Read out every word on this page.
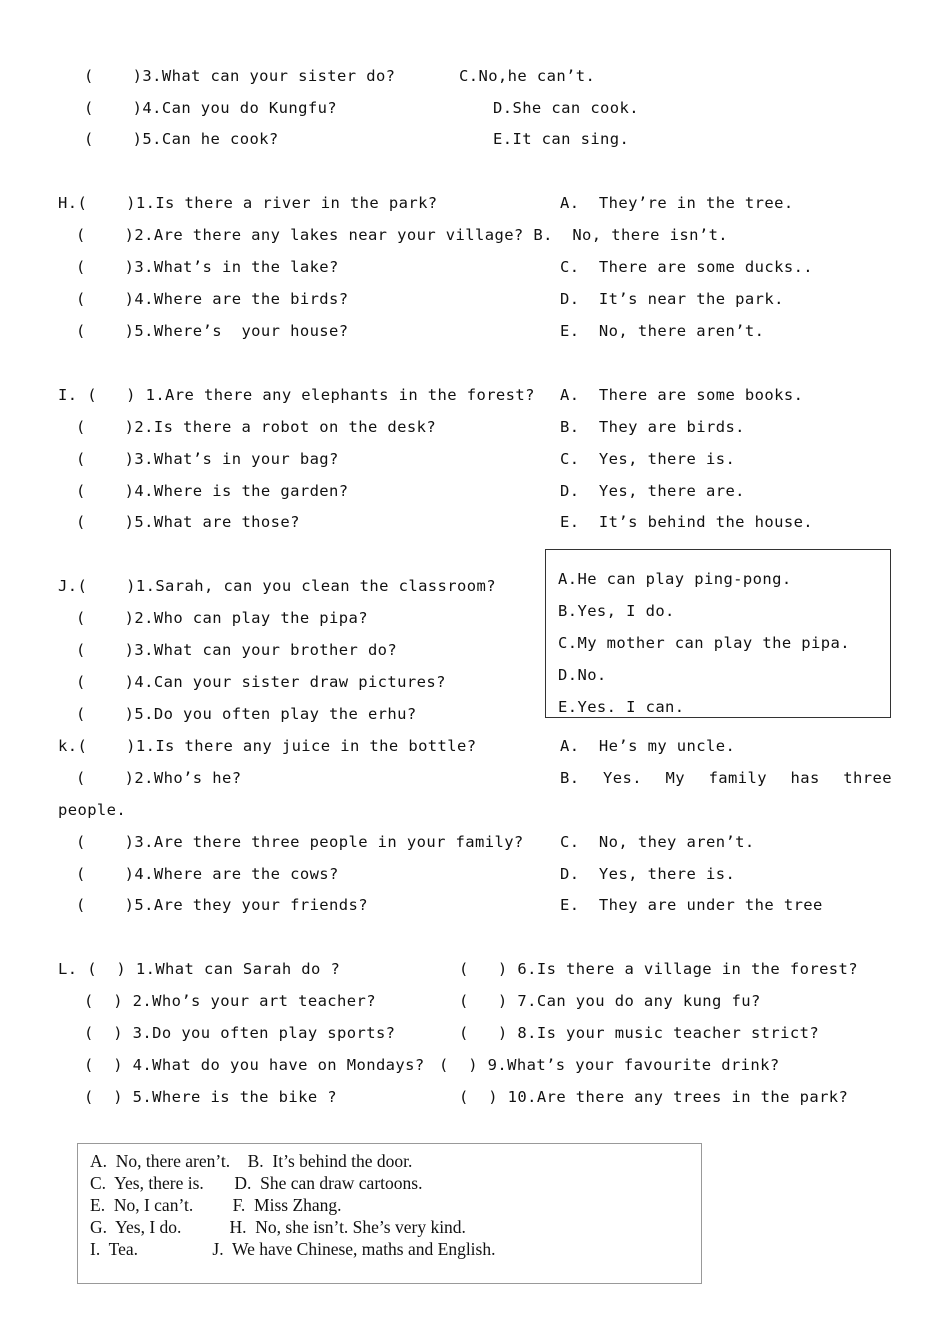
(    )3.What can your sister do?	C.No,he can’t.
(    )4.Can you do Kungfu?	D.She can cook.
(    )5.Can he cook?	E.It can sing.
H.(    )1.Is there a river in the park?	A.  They’re in the tree.
(    )2.Are there any lakes near your village? B.  No, there isn’t.
(    )3.What’s in the lake?	C.  There are some ducks..
(    )4.Where are the birds?	D.  It’s near the park.
(    )5.Where’s  your house?	E.  No, there aren’t.
I. (   ) 1.Are there any elephants in the forest? A.  There are some books.
(    )2.Is there a robot on the desk?	B.  They are birds.
(    )3.What’s in your bag?	C.  Yes, there is.
(    )4.Where is the garden?	D.  Yes, there are.
(    )5.What are those?	E.  It’s behind the house.
A.He can play ping-pong.
B.Yes, I do.
C.My mother can play the pipa.
D.No.
E.Yes. I can.
J.(    )1.Sarah, can you clean the classroom?
(    )2.Who can play the pipa?
(    )3.What can your brother do?
(    )4.Can your sister draw pictures?
(    )5.Do you often play the erhu?
k.(    )1.Is there any juice in the bottle?	A.  He’s my uncle.
(    )2.Who’s he?	B. Yes. My family has three
people.
(    )3.Are there three people in your family? C.  No, they aren’t.
(    )4.Where are the cows?	D.  Yes, there is.
(    )5.Are they your friends?	E.  They are under the tree
L. (  ) 1.What can Sarah do ?	(   ) 6.Is there a village in the forest?
(  ) 2.Who’s your art teacher?	(   ) 7.Can you do any kung fu?
(  ) 3.Do you often play sports?	(   ) 8.Is your music teacher strict?
(  ) 4.What do you have on Mondays? (  ) 9.What’s your favourite drink?
(  ) 5.Where is the bike ?	(  ) 10.Are there any trees in the park?
A.  No, there aren’t.    B.  It’s behind the door.
C.  Yes, there is.       D.  She can draw cartoons.
E.  No, I can’t.         F.  Miss Zhang.
G.  Yes, I do.           H.  No, she isn’t. She’s very kind.
I.  Tea.                 J.  We have Chinese, maths and English.
